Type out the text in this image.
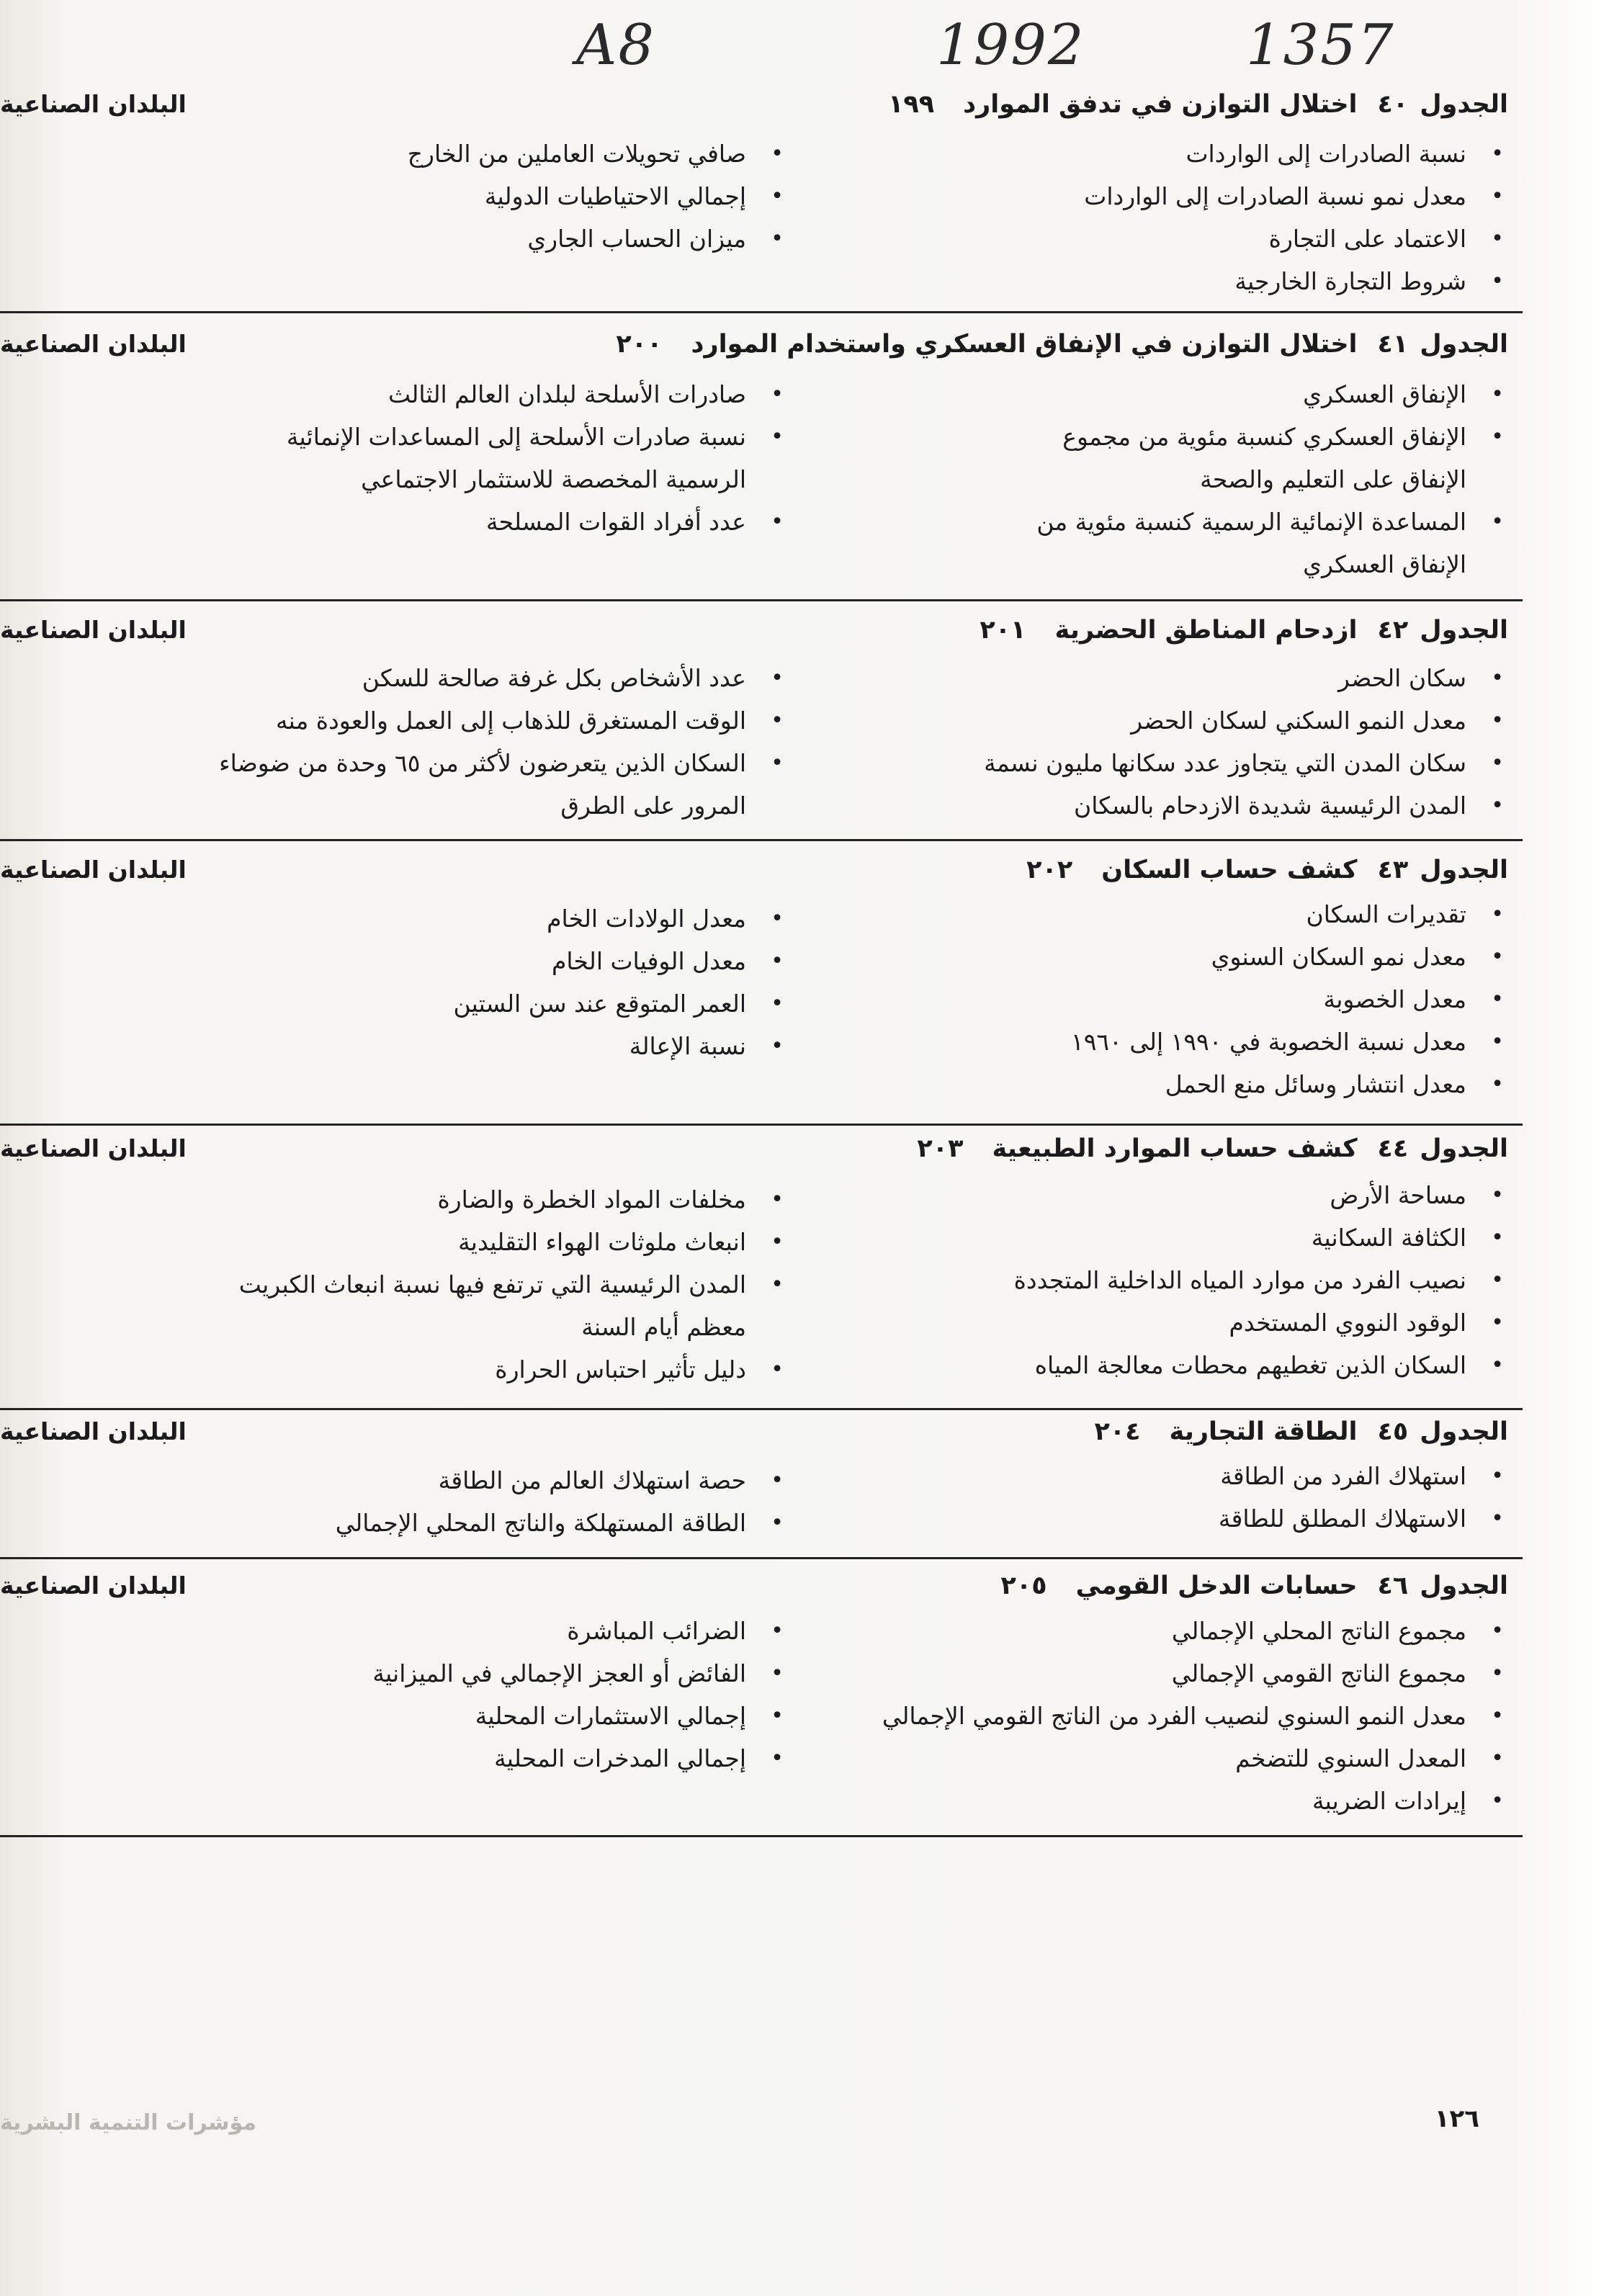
A8	1992	1357
الجدول٤٠اختلال التوازن في تدفق الموارد١٩٩
البلدان الصناعية
• نسبة الصادرات إلى الواردات
• معدل نمو نسبة الصادرات إلى الواردات
• الاعتماد على التجارة
• شروط التجارة الخارجية
• صافي تحويلات العاملين من الخارج
• إجمالي الاحتياطيات الدولية
• ميزان الحساب الجاري
الجدول٤١اختلال التوازن في الإنفاق العسكري واستخدام الموارد٢٠٠
البلدان الصناعية
• الإنفاق العسكري
• الإنفاق العسكري كنسبة مئوية من مجموع
الإنفاق على التعليم والصحة
• المساعدة الإنمائية الرسمية كنسبة مئوية من
الإنفاق العسكري
• صادرات الأسلحة لبلدان العالم الثالث
• نسبة صادرات الأسلحة إلى المساعدات الإنمائية
الرسمية المخصصة للاستثمار الاجتماعي
• عدد أفراد القوات المسلحة
الجدول٤٢ازدحام المناطق الحضرية٢٠١
البلدان الصناعية
• سكان الحضر
• معدل النمو السكني لسكان الحضر
• سكان المدن التي يتجاوز عدد سكانها مليون نسمة
• المدن الرئيسية شديدة الازدحام بالسكان
• عدد الأشخاص بكل غرفة صالحة للسكن
• الوقت المستغرق للذهاب إلى العمل والعودة منه
• السكان الذين يتعرضون لأكثر من ٦٥ وحدة من ضوضاء
المرور على الطرق
الجدول٤٣كشف حساب السكان٢٠٢
البلدان الصناعية
• تقديرات السكان
• معدل نمو السكان السنوي
• معدل الخصوبة
• معدل نسبة الخصوبة في ١٩٩٠ إلى ١٩٦٠
• معدل انتشار وسائل منع الحمل
• معدل الولادات الخام
• معدل الوفيات الخام
• العمر المتوقع عند سن الستين
• نسبة الإعالة
الجدول٤٤كشف حساب الموارد الطبيعية٢٠٣
البلدان الصناعية
• مساحة الأرض
• الكثافة السكانية
• نصيب الفرد من موارد المياه الداخلية المتجددة
• الوقود النووي المستخدم
• السكان الذين تغطيهم محطات معالجة المياه
• مخلفات المواد الخطرة والضارة
• انبعاث ملوثات الهواء التقليدية
• المدن الرئيسية التي ترتفع فيها نسبة انبعاث الكبريت
معظم أيام السنة
• دليل تأثير احتباس الحرارة
الجدول٤٥الطاقة التجارية٢٠٤
البلدان الصناعية
• استهلاك الفرد من الطاقة
• الاستهلاك المطلق للطاقة
• حصة استهلاك العالم من الطاقة
• الطاقة المستهلكة والناتج المحلي الإجمالي
الجدول٤٦حسابات الدخل القومي٢٠٥
البلدان الصناعية
• مجموع الناتج المحلي الإجمالي
• مجموع الناتج القومي الإجمالي
• معدل النمو السنوي لنصيب الفرد من الناتج القومي الإجمالي
• المعدل السنوي للتضخم
• إيرادات الضريبة
• الضرائب المباشرة
• الفائض أو العجز الإجمالي في الميزانية
• إجمالي الاستثمارات المحلية
• إجمالي المدخرات المحلية
١٢٦
مؤشرات التنمية البشرية
